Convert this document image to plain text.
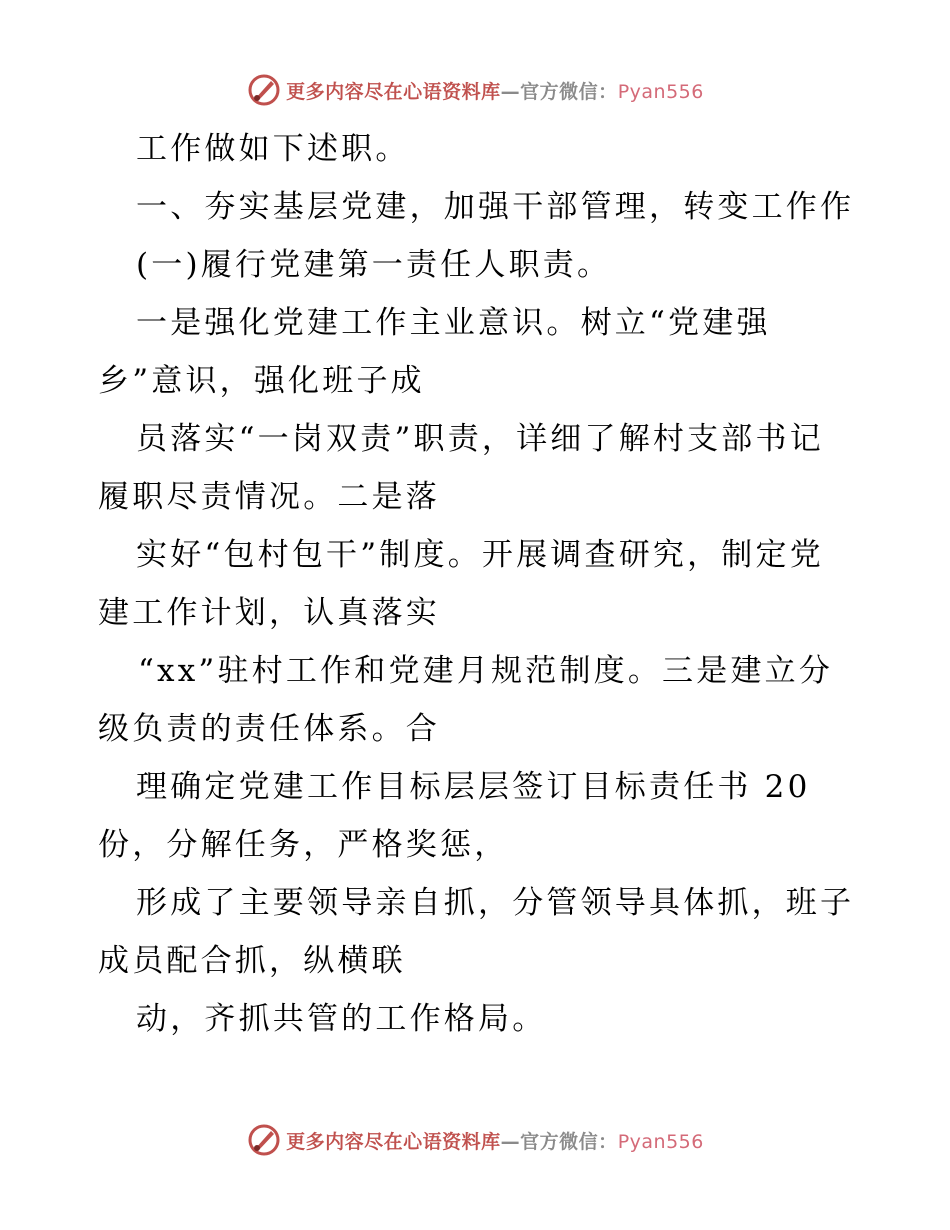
更多内容尽在心语资料库—官方微信：Pyan556
工作做如下述职。
一、夯实基层党建，加强干部管理，转变工作作
(一)履行党建第一责任人职责。
一是强化党建工作主业意识。树立“党建强
乡”意识，强化班子成
员落实“一岗双责”职责，详细了解村支部书记
履职尽责情况。二是落
实好“包村包干”制度。开展调查研究，制定党
建工作计划，认真落实
“xx”驻村工作和党建月规范制度。三是建立分
级负责的责任体系。合
理确定党建工作目标层层签订目标责任书 20
份，分解任务，严格奖惩，
形成了主要领导亲自抓，分管领导具体抓，班子
成员配合抓，纵横联
动，齐抓共管的工作格局。
更多内容尽在心语资料库—官方微信：Pyan556
